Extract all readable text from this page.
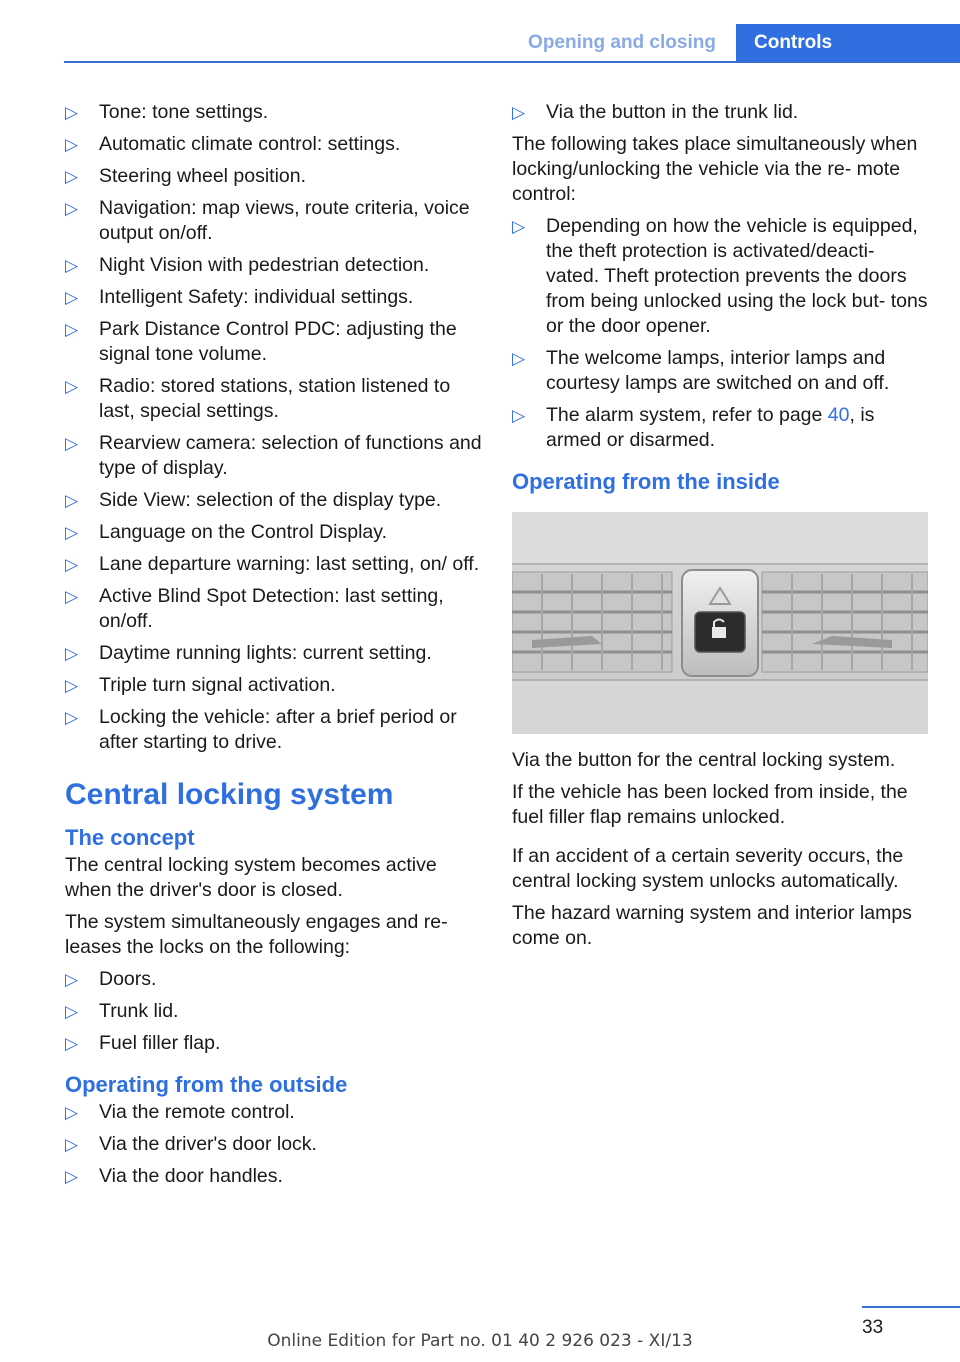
Opening and closing	Controls
▷ Tone: tone settings.
▷ Automatic climate control: settings.
▷ Steering wheel position.
▷ Navigation: map views, route criteria, voice output on/off.
▷ Night Vision with pedestrian detection.
▷ Intelligent Safety: individual settings.
▷ Park Distance Control PDC: adjusting the signal tone volume.
▷ Radio: stored stations, station listened to last, special settings.
▷ Rearview camera: selection of functions and type of display.
▷ Side View: selection of the display type.
▷ Language on the Control Display.
▷ Lane departure warning: last setting, on/ off.
▷ Active Blind Spot Detection: last setting, on/off.
▷ Daytime running lights: current setting.
▷ Triple turn signal activation.
▷ Locking the vehicle: after a brief period or after starting to drive.
Central locking system
The concept

The central locking system becomes active when the driver's door is closed.

The system simultaneously engages and re‐ leases the locks on the following:

▷ Doors.
▷ Trunk lid.
▷ Fuel filler flap.
Operating from the outside
▷ Via the remote control.
▷ Via the driver's door lock.
▷ Via the door handles.
▷ Via the button in the trunk lid.

The following takes place simultaneously when locking/unlocking the vehicle via the re‐ mote control:

▷ Depending on how the vehicle is equipped, the theft protection is activated/deacti‐ vated. Theft protection prevents the doors from being unlocked using the lock but‐ tons or the door opener.
▷ The welcome lamps, interior lamps and courtesy lamps are switched on and off.
▷ The alarm system, refer to page 40, is armed or disarmed.
Operating from the inside

Via the button for the central locking system.

If the vehicle has been locked from inside, the fuel filler flap remains unlocked.

If an accident of a certain severity occurs, the central locking system unlocks automatically.

The hazard warning system and interior lamps come on.

33
Online Edition for Part no. 01 40 2 926 023 - XI/13
